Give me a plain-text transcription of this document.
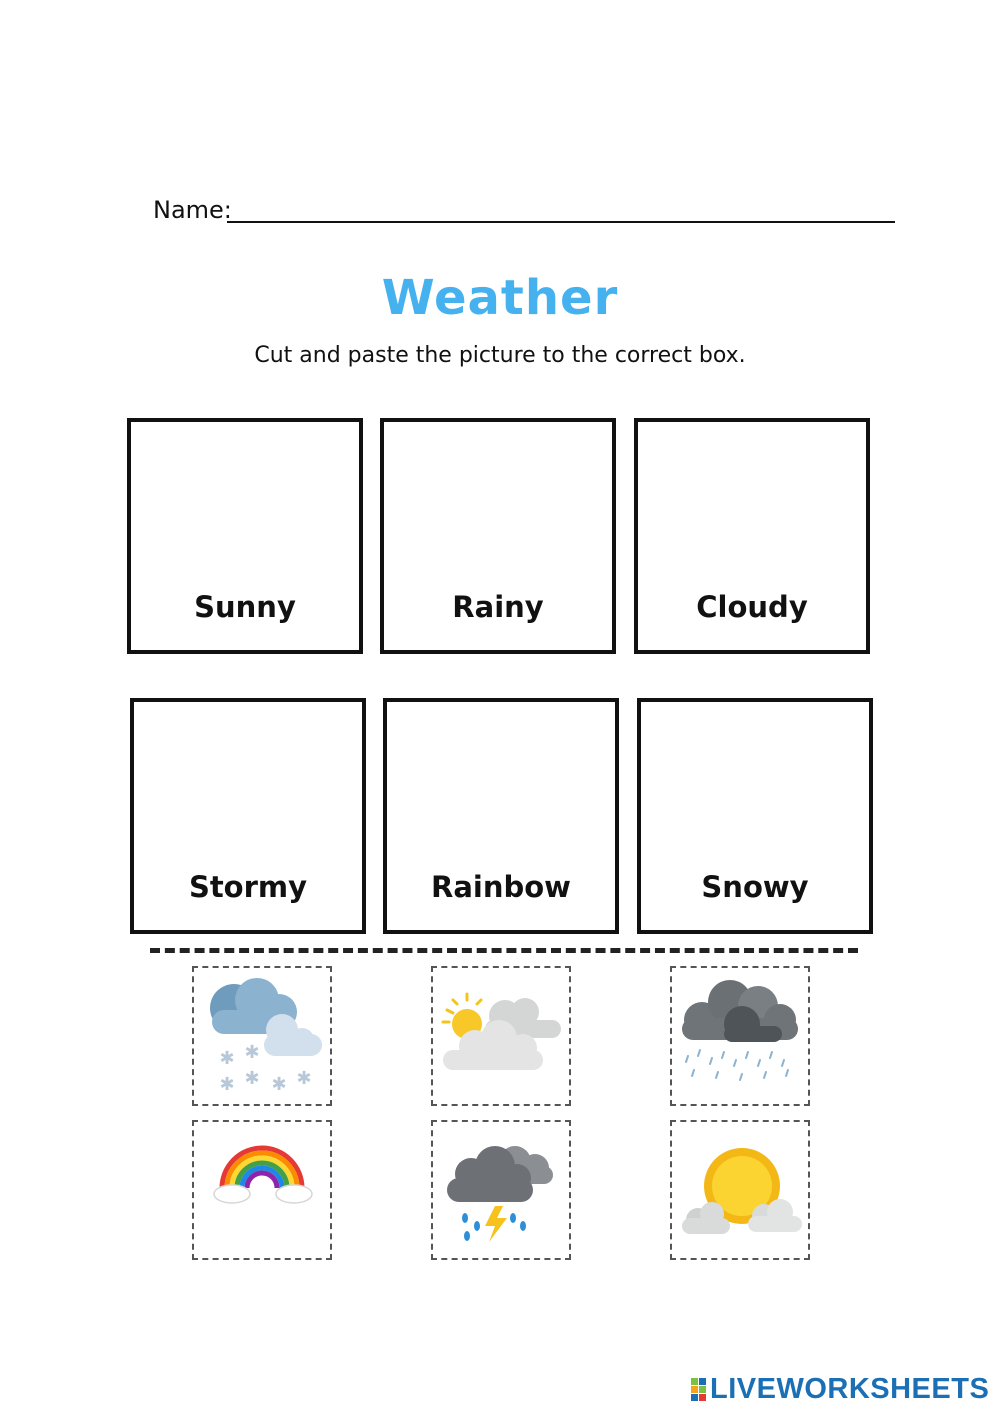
Name:
Weather
Cut and paste the picture to the correct box.
Sunny	Rainy	Cloudy
Stormy	Rainbow	Snowy
✱ ✱
✱ ✱ ✱ ✱
LIVEWORKSHEETS
